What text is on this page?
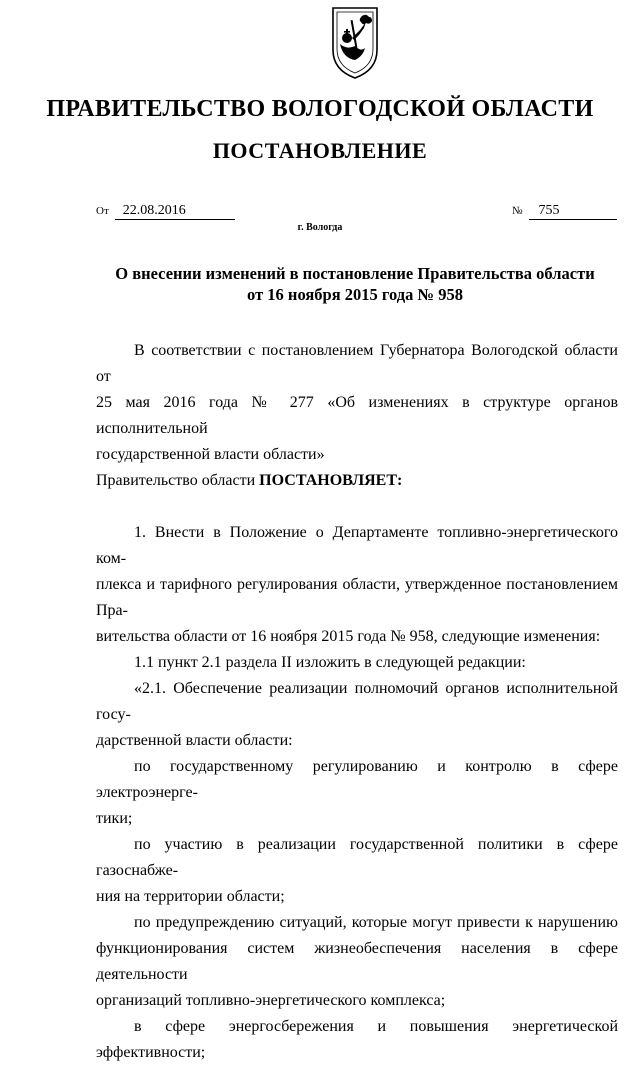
ПРАВИТЕЛЬСТВО ВОЛОГОДСКОЙ ОБЛАСТИ
ПОСТАНОВЛЕНИЕ
От 22.08.2016	№ 755
г. Вологда
О внесении изменений в постановление Правительства области
от 16 ноября 2015 года № 958

В соответствии с постановлением Губернатора Вологодской области от

25 мая 2016 года № 277 «Об изменениях в структуре органов исполнительной

государственной власти области»

Правительство области ПОСТАНОВЛЯЕТ:

1. Внести в Положение о Департаменте топливно-энергетического ком-

плекса и тарифного регулирования области, утвержденное постановлением Пра-

вительства области от 16 ноября 2015 года № 958, следующие изменения:

1.1 пункт 2.1 раздела II изложить в следующей редакции:

«2.1. Обеспечение реализации полномочий органов исполнительной госу-

дарственной власти области:

по государственному регулированию и контролю в сфере электроэнерге-

тики;

по участию в реализации государственной политики в сфере газоснабже-

ния на территории области;

по предупреждению ситуаций, которые могут привести к нарушению

функционирования систем жизнеобеспечения населения в сфере деятельности

организаций топливно-энергетического комплекса;

в сфере энергосбережения и повышения энергетической эффективности;
